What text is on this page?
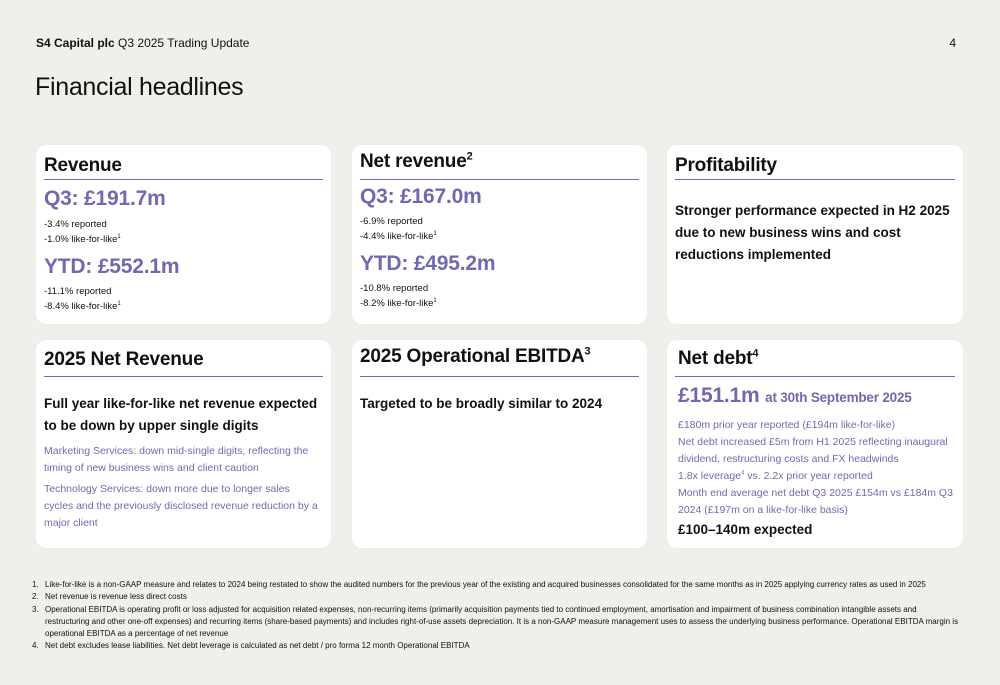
S4 Capital plc Q3 2025 Trading Update	4
Financial headlines
Revenue
Q3: £191.7m
-3.4% reported
-1.0% like-for-like$^1$
YTD: £552.1m
-11.1% reported
-8.4% like-for-like$^1$
Net revenue$^2$
Q3: £167.0m
-6.9% reported
-4.4% like-for-like$^1$
YTD: £495.2m
-10.8% reported
-8.2% like-for-like$^1$
Profitability
Stronger performance expected in H2 2025 due to new business wins and cost reductions implemented
2025 Net Revenue
Full year like-for-like net revenue expected to be down by upper single digits
Marketing Services: down mid-single digits, reflecting the timing of new business wins and client caution
Technology Services: down more due to longer sales cycles and the previously disclosed revenue reduction by a major client
2025 Operational EBITDA$^3$
Targeted to be broadly similar to 2024
Net debt$^4$
£151.1m at 30th September 2025
£180m prior year reported (£194m like-for-like)
Net debt increased £5m from H1 2025 reflecting inaugural dividend, restructuring costs and FX headwinds
1.8x leverage$^4$ vs. 2.2x prior year reported
Month end average net debt Q3 2025 £154m vs £184m Q3 2024 (£197m on a like-for-like basis)
£100–140m expected
1. Like-for-like is a non-GAAP measure and relates to 2024 being restated to show the audited numbers for the previous year of the existing and acquired businesses consolidated for the same months as in 2025 applying currency rates as used in 2025
2. Net revenue is revenue less direct costs
3. Operational EBITDA is operating profit or loss adjusted for acquisition related expenses, non-recurring items (primarily acquisition payments tied to continued employment, amortisation and impairment of business combination intangible assets and restructuring and other one-off expenses) and recurring items (share-based payments) and includes right-of-use assets depreciation. It is a non-GAAP measure management uses to assess the underlying business performance. Operational EBITDA margin is operational EBITDA as a percentage of net revenue
4. Net debt excludes lease liabilities. Net debt leverage is calculated as net debt / pro forma 12 month Operational EBITDA
